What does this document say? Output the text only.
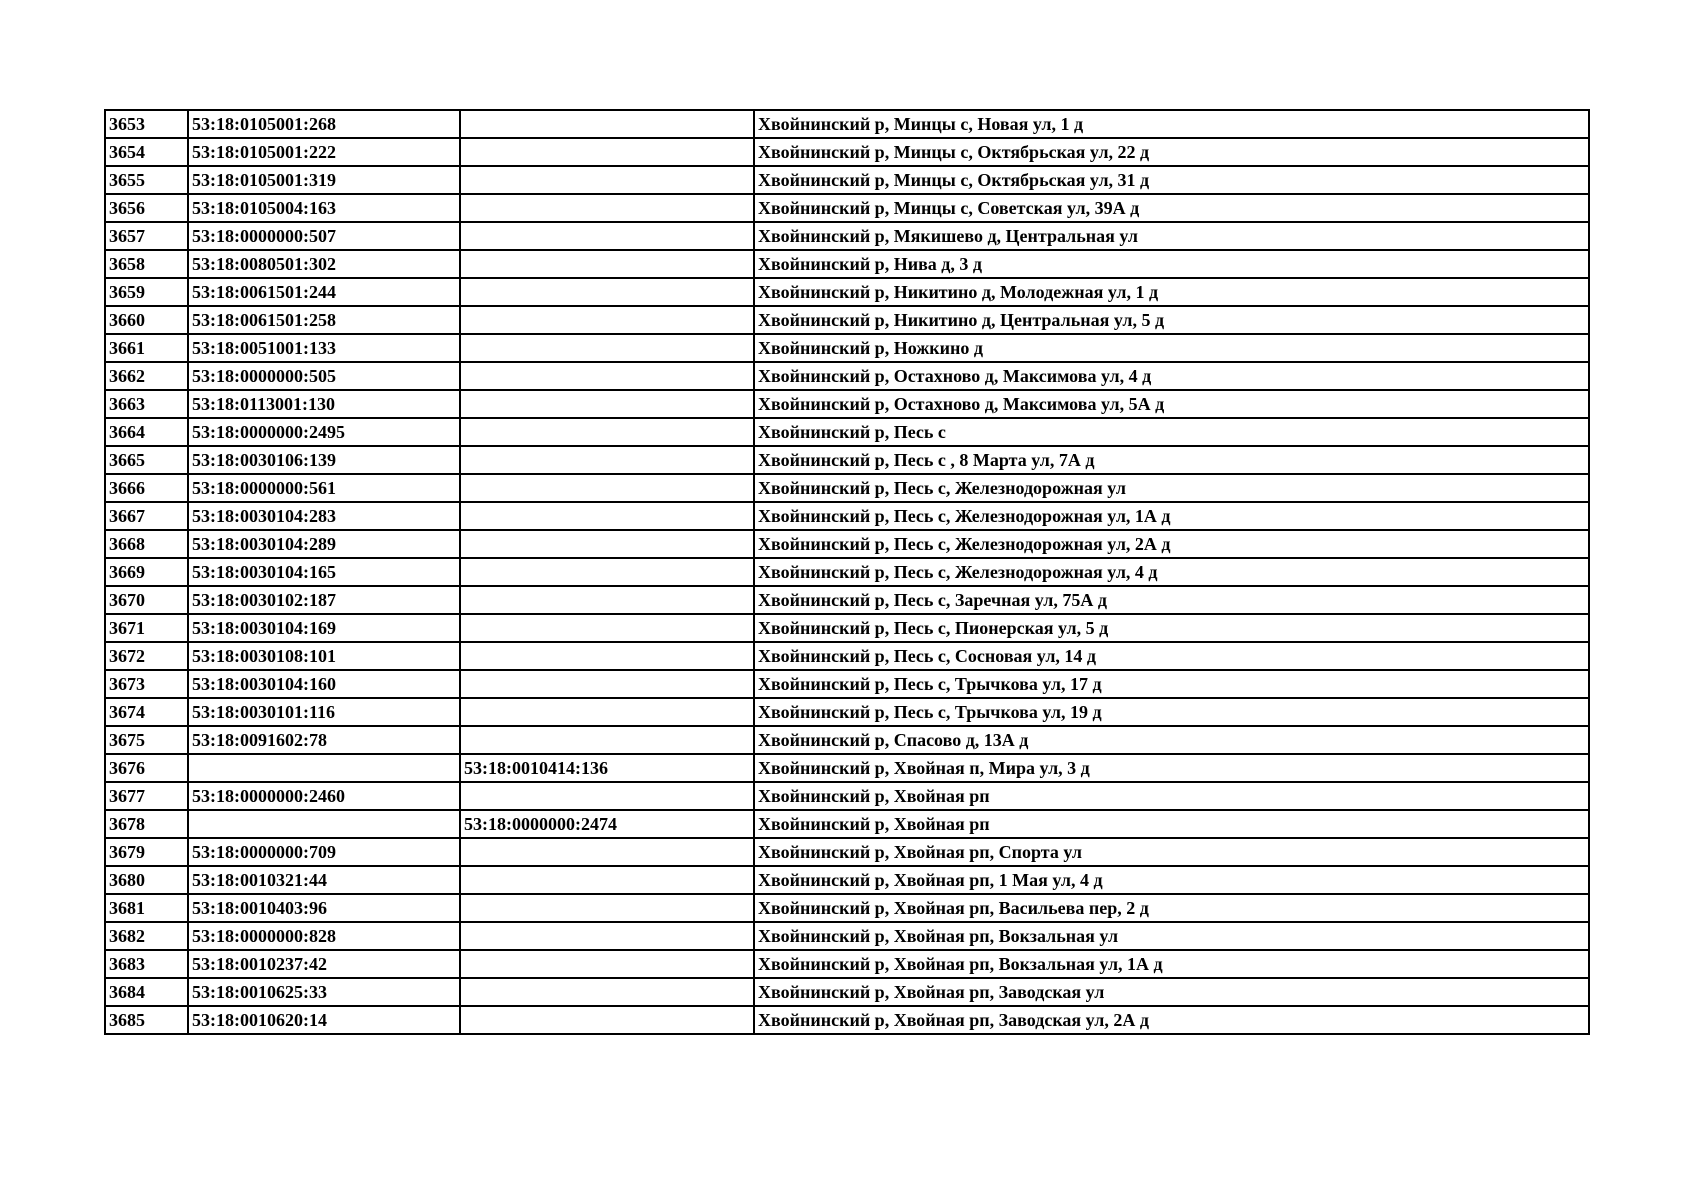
3653	53:18:0105001:268		Хвойнинский р, Минцы с, Новая ул, 1 д
3654	53:18:0105001:222		Хвойнинский р, Минцы с, Октябрьская ул, 22 д
3655	53:18:0105001:319		Хвойнинский р, Минцы с, Октябрьская ул, 31 д
3656	53:18:0105004:163		Хвойнинский р, Минцы с, Советская ул, 39А д
3657	53:18:0000000:507		Хвойнинский р, Мякишево д, Центральная ул
3658	53:18:0080501:302		Хвойнинский р, Нива д, 3 д
3659	53:18:0061501:244		Хвойнинский р, Никитино д, Молодежная ул, 1 д
3660	53:18:0061501:258		Хвойнинский р, Никитино д, Центральная ул, 5 д
3661	53:18:0051001:133		Хвойнинский р, Ножкино д
3662	53:18:0000000:505		Хвойнинский р, Остахново д, Максимова ул, 4 д
3663	53:18:0113001:130		Хвойнинский р, Остахново д, Максимова ул, 5А д
3664	53:18:0000000:2495		Хвойнинский р, Песь с
3665	53:18:0030106:139		Хвойнинский р, Песь с , 8 Марта ул, 7А д
3666	53:18:0000000:561		Хвойнинский р, Песь с, Железнодорожная ул
3667	53:18:0030104:283		Хвойнинский р, Песь с, Железнодорожная ул, 1А д
3668	53:18:0030104:289		Хвойнинский р, Песь с, Железнодорожная ул, 2А д
3669	53:18:0030104:165		Хвойнинский р, Песь с, Железнодорожная ул, 4 д
3670	53:18:0030102:187		Хвойнинский р, Песь с, Заречная ул, 75А д
3671	53:18:0030104:169		Хвойнинский р, Песь с, Пионерская ул, 5 д
3672	53:18:0030108:101		Хвойнинский р, Песь с, Сосновая ул, 14 д
3673	53:18:0030104:160		Хвойнинский р, Песь с, Трычкова ул, 17 д
3674	53:18:0030101:116		Хвойнинский р, Песь с, Трычкова ул, 19 д
3675	53:18:0091602:78		Хвойнинский р, Спасово д, 13А д
3676		53:18:0010414:136	Хвойнинский р, Хвойная п, Мира ул, 3 д
3677	53:18:0000000:2460		Хвойнинский р, Хвойная рп
3678		53:18:0000000:2474	Хвойнинский р, Хвойная рп
3679	53:18:0000000:709		Хвойнинский р, Хвойная рп, Спорта ул
3680	53:18:0010321:44		Хвойнинский р, Хвойная рп, 1 Мая ул, 4 д
3681	53:18:0010403:96		Хвойнинский р, Хвойная рп, Васильева пер, 2 д
3682	53:18:0000000:828		Хвойнинский р, Хвойная рп, Вокзальная ул
3683	53:18:0010237:42		Хвойнинский р, Хвойная рп, Вокзальная ул, 1А д
3684	53:18:0010625:33		Хвойнинский р, Хвойная рп, Заводская ул
3685	53:18:0010620:14		Хвойнинский р, Хвойная рп, Заводская ул, 2А д
